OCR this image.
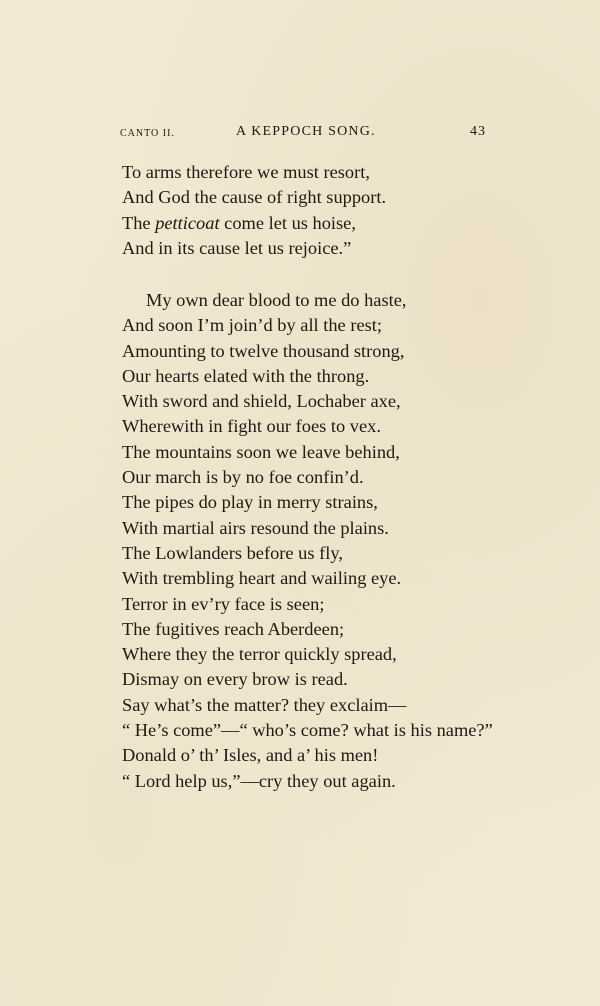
CANTO II.	A KEPPOCH SONG.	43
To arms therefore we must resort,
And God the cause of right support.
The petticoat come let us hoise,
And in its cause let us rejoice.”
My own dear blood to me do haste,
And soon I’m join’d by all the rest;
Amounting to twelve thousand strong,
Our hearts elated with the throng.
With sword and shield, Lochaber axe,
Wherewith in fight our foes to vex.
The mountains soon we leave behind,
Our march is by no foe confin’d.
The pipes do play in merry strains,
With martial airs resound the plains.
The Lowlanders before us fly,
With trembling heart and wailing eye.
Terror in ev’ry face is seen;
The fugitives reach Aberdeen;
Where they the terror quickly spread,
Dismay on every brow is read.
Say what’s the matter? they exclaim—
“ He’s come”—“ who’s come? what is his name?”
Donald o’ th’ Isles, and a’ his men!
“ Lord help us,”—cry they out again.
